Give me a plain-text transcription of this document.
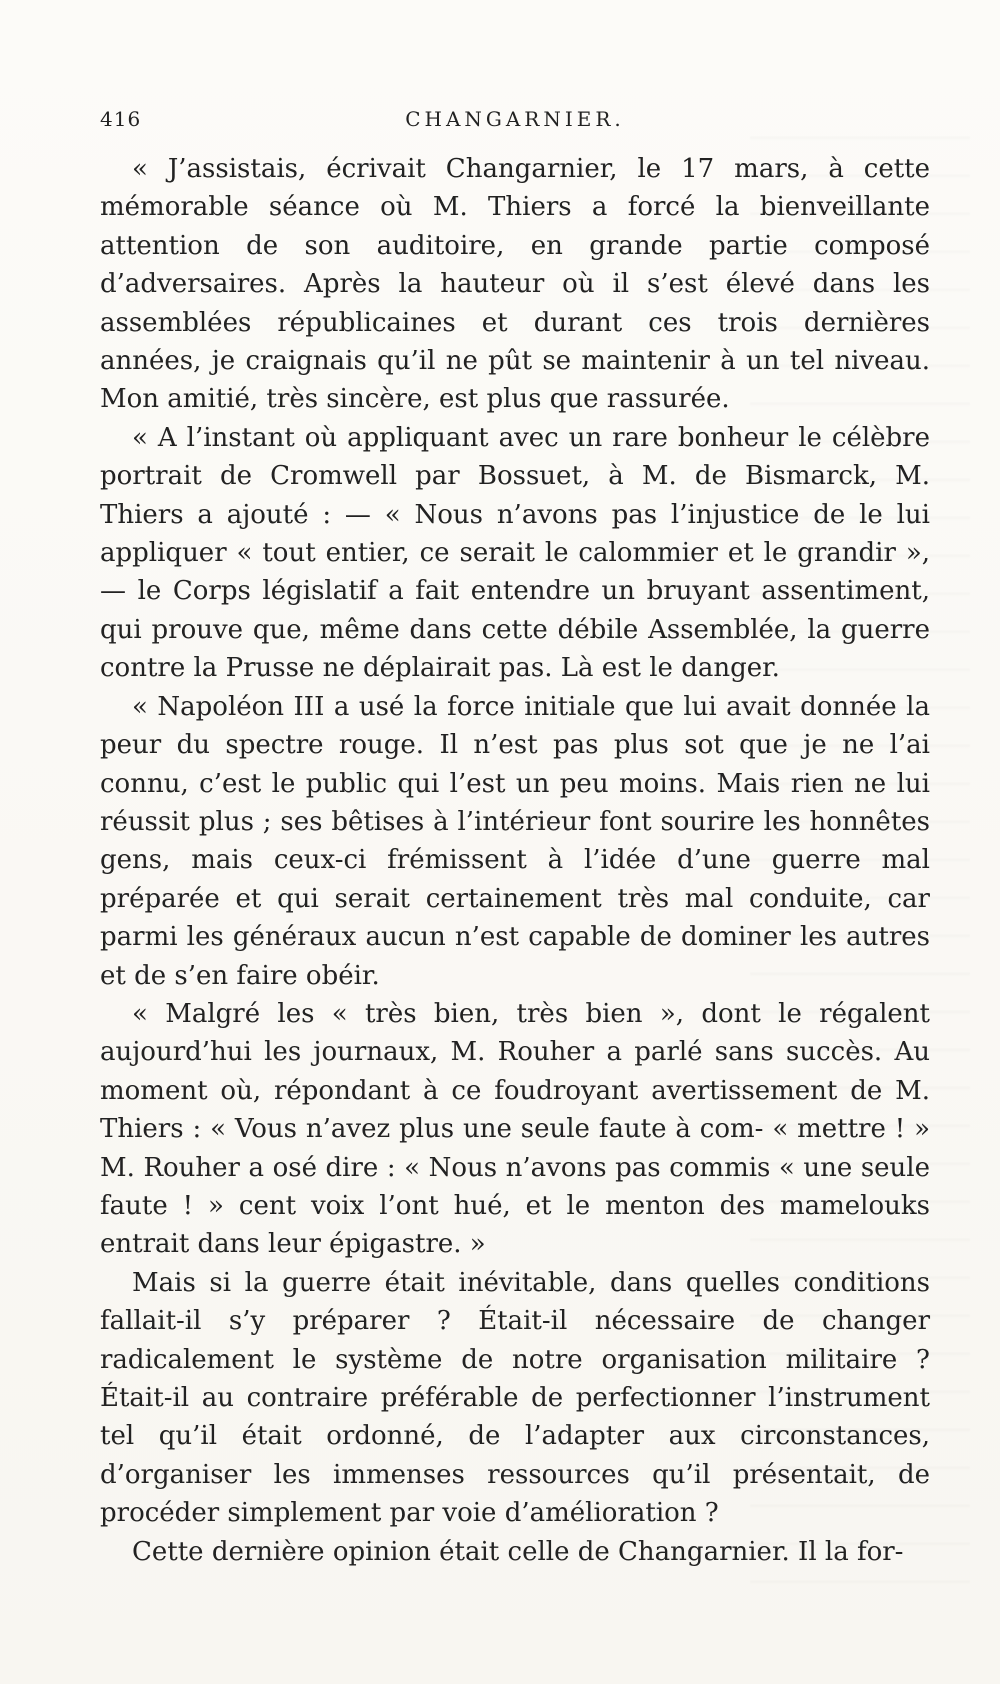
416	CHANGARNIER.

« J’assistais, écrivait Changarnier, le 17 mars, à cette mémorable séance où M. Thiers a forcé la bienveillante attention de son auditoire, en grande partie composé d’adversaires. Après la hauteur où il s’est élevé dans les assemblées républicaines et durant ces trois dernières années, je craignais qu’il ne pût se maintenir à un tel niveau. Mon amitié, très sincère, est plus que rassurée.

« A l’instant où appliquant avec un rare bonheur le célèbre portrait de Cromwell par Bossuet, à M. de Bismarck, M. Thiers a ajouté : — « Nous n’avons pas l’injustice de le lui appliquer « tout entier, ce serait le calommier et le grandir », — le Corps législatif a fait entendre un bruyant assentiment, qui prouve que, même dans cette débile Assemblée, la guerre contre la Prusse ne déplairait pas. Là est le danger.

« Napoléon III a usé la force initiale que lui avait donnée la peur du spectre rouge. Il n’est pas plus sot que je ne l’ai connu, c’est le public qui l’est un peu moins. Mais rien ne lui réussit plus ; ses bêtises à l’intérieur font sourire les honnêtes gens, mais ceux-ci frémissent à l’idée d’une guerre mal préparée et qui serait certainement très mal conduite, car parmi les généraux aucun n’est capable de dominer les autres et de s’en faire obéir.

« Malgré les « très bien, très bien », dont le régalent aujourd’hui les journaux, M. Rouher a parlé sans succès. Au moment où, répondant à ce foudroyant avertissement de M. Thiers : « Vous n’avez plus une seule faute à com- « mettre ! » M. Rouher a osé dire : « Nous n’avons pas commis « une seule faute ! » cent voix l’ont hué, et le menton des mamelouks entrait dans leur épigastre. »

Mais si la guerre était inévitable, dans quelles conditions fallait-il s’y préparer ? Était-il nécessaire de changer radicalement le système de notre organisation militaire ? Était-il au contraire préférable de perfectionner l’instrument tel qu’il était ordonné, de l’adapter aux circonstances, d’organiser les immenses ressources qu’il présentait, de procéder simplement par voie d’amélioration ?

Cette dernière opinion était celle de Changarnier. Il la for-
